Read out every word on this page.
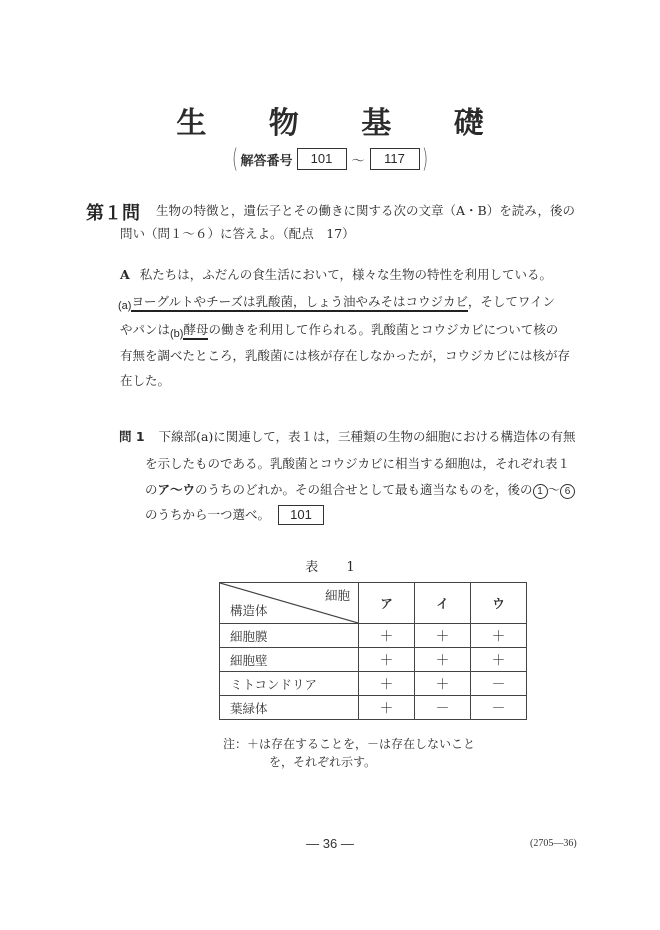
生 物 基 礎
( 解答番号	101	〜	117 )
第１問 生物の特徴と，遺伝子とその働きに関する次の文章（A・B）を読み，後の
問い（問１〜６）に答えよ。（配点　17）
A 私たちは，ふだんの食生活において，様々な生物の特性を利用している。
(a)ヨーグルトやチーズは乳酸菌，しょう油やみそはコウジカビ，そしてワイン
やパンは(b)酵母の働きを利用して作られる。乳酸菌とコウジカビについて核の
有無を調べたところ，乳酸菌には核が存在しなかったが，コウジカビには核が存
在した。
問 1 下線部(a)に関連して，表１は，三種類の生物の細胞における構造体の有無
を示したものである。乳酸菌とコウジカビに相当する細胞は，それぞれ表１
のア〜ウのうちのどれか。その組合せとして最も適当なものを，後の 1 〜 6
のうちから一つ選べ。 101
表 1
細胞
構造体	ア	イ	ウ
細胞膜	＋	＋	＋
細胞壁	＋	＋	＋
ミトコンドリア	＋	＋	－
葉緑体	＋	－	－
注：＋は存在することを，－は存在しないこと
を，それぞれ示す。
— 36 —	(2705—36)
